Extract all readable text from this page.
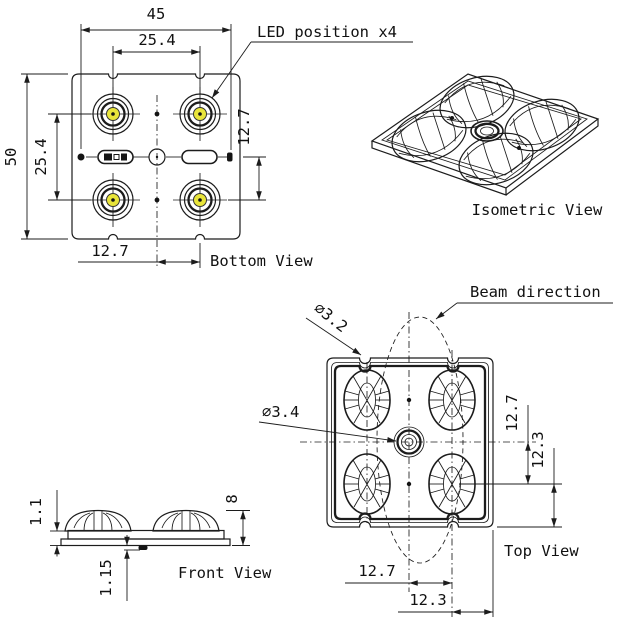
45
25.4
50 25.4
12.7
12.7
LED position x4
Bottom View
Isometric View
1.1	8
1.15	Front View
Beam direction
⌀3.2
⌀3.4	12.7
12.3
12.7
12.3
Top View
